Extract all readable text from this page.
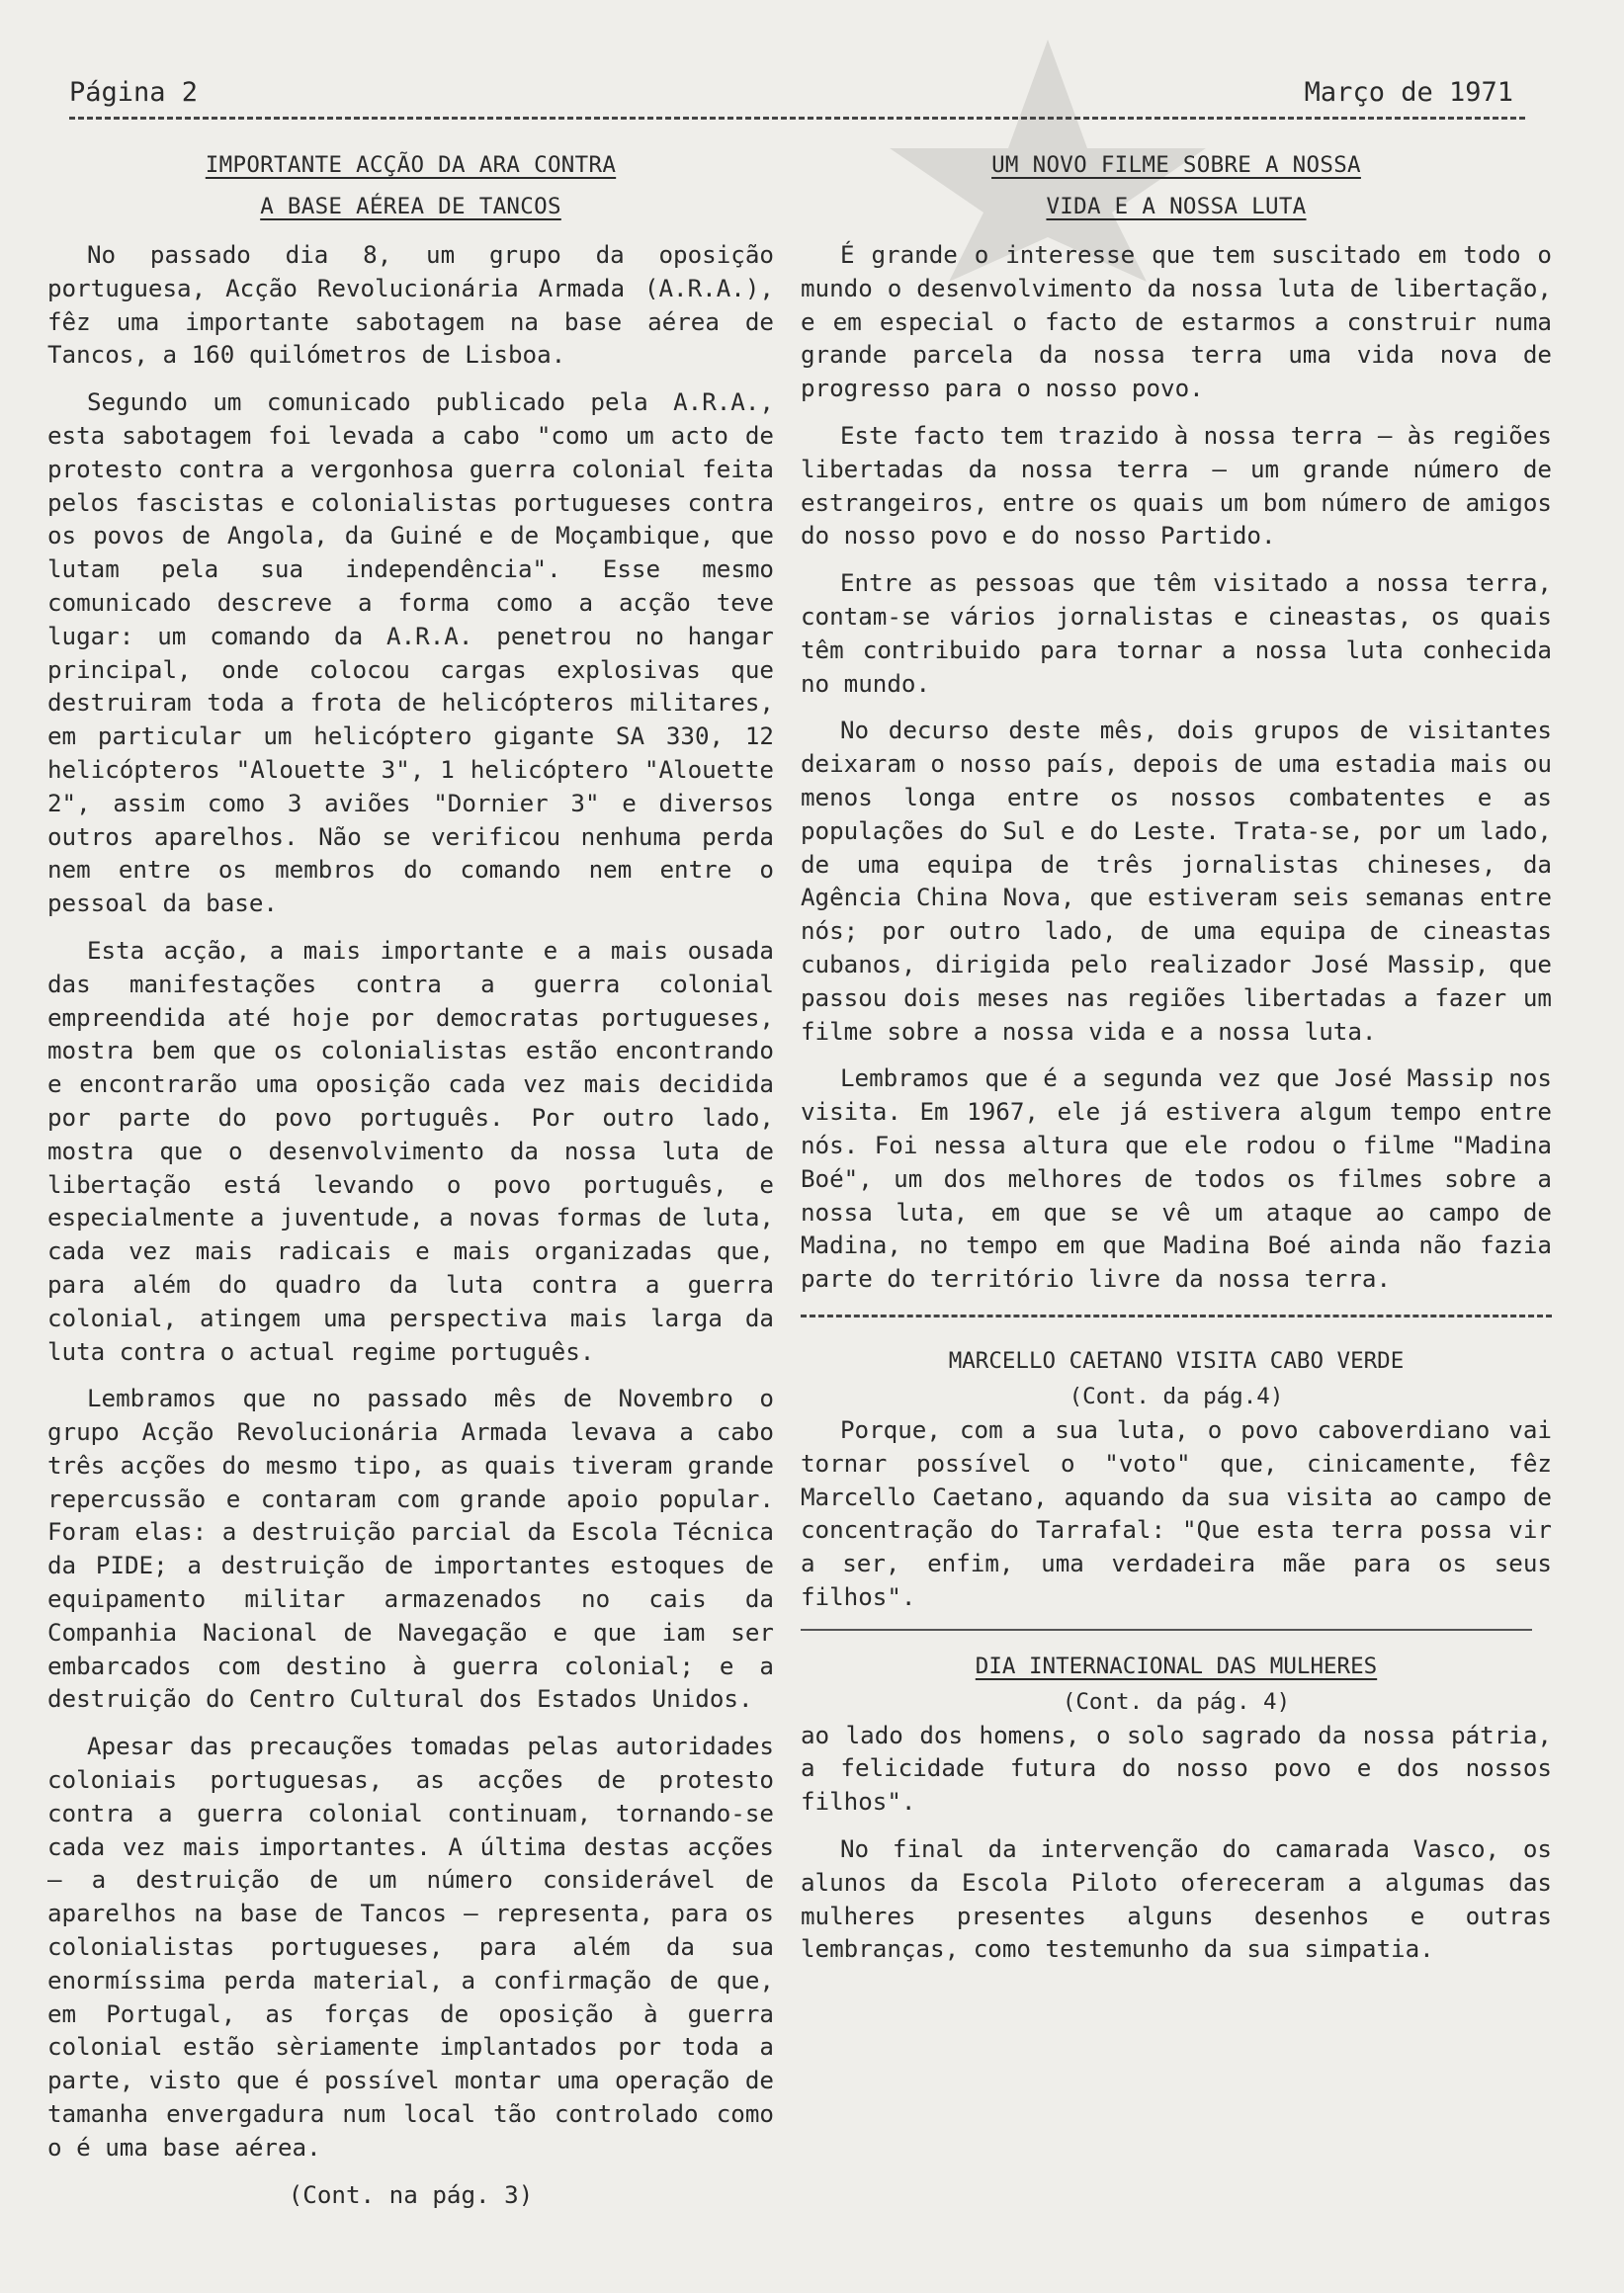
Página 2	Março de 1971
IMPORTANTE ACÇÃO DA ARA CONTRA
A BASE AÉREA DE TANCOS

No passado dia 8, um grupo da oposição portuguesa, Acção Revolucionária Armada (A.R.A.), fêz uma importante sabotagem na base aérea de Tancos, a 160 quilómetros de Lisboa.

Segundo um comunicado publicado pela A.R.A., esta sabotagem foi levada a cabo "como um acto de protesto contra a vergonhosa guerra colonial feita pelos fascistas e colonialistas portugueses contra os povos de Angola, da Guiné e de Moçambique, que lutam pela sua independência". Esse mesmo comunicado descreve a forma como a acção teve lugar: um comando da A.R.A. penetrou no hangar principal, onde colocou cargas explosivas que destruiram toda a frota de helicópteros militares, em particular um helicóptero gigante SA 330, 12 helicópteros "Alouette 3", 1 helicóptero "Alouette 2", assim como 3 aviões "Dornier 3" e diversos outros aparelhos. Não se verificou nenhuma perda nem entre os membros do comando nem entre o pessoal da base.

Esta acção, a mais importante e a mais ousada das manifestações contra a guerra colonial empreendida até hoje por democratas portugueses, mostra bem que os colonialistas estão encontrando e encontrarão uma oposição cada vez mais decidida por parte do povo português. Por outro lado, mostra que o desenvolvimento da nossa luta de libertação está levando o povo português, e especialmente a juventude, a novas formas de luta, cada vez mais radicais e mais organizadas que, para além do quadro da luta contra a guerra colonial, atingem uma perspectiva mais larga da luta contra o actual regime português.

Lembramos que no passado mês de Novembro o grupo Acção Revolucionária Armada levava a cabo três acções do mesmo tipo, as quais tiveram grande repercussão e contaram com grande apoio popular. Foram elas: a destruição parcial da Escola Técnica da PIDE; a destruição de importantes estoques de equipamento militar armazenados no cais da Companhia Nacional de Navegação e que iam ser embarcados com destino à guerra colonial; e a destruição do Centro Cultural dos Estados Unidos.

Apesar das precauções tomadas pelas autoridades coloniais portuguesas, as acções de protesto contra a guerra colonial continuam, tornando-se cada vez mais importantes. A última destas acções – a destruição de um número considerável de aparelhos na base de Tancos – representa, para os colonialistas portugueses, para além da sua enormíssima perda material, a confirmação de que, em Portugal, as forças de oposição à guerra colonial estão sèriamente implantados por toda a parte, visto que é possível montar uma operação de tamanha envergadura num local tão controlado como o é uma base aérea.

(Cont. na pág. 3)

UM NOVO FILME SOBRE A NOSSA
VIDA E A NOSSA LUTA

É grande o interesse que tem suscitado em todo o mundo o desenvolvimento da nossa luta de libertação, e em especial o facto de estarmos a construir numa grande parcela da nossa terra uma vida nova de progresso para o nosso povo.

Este facto tem trazido à nossa terra – às regiões libertadas da nossa terra – um grande número de estrangeiros, entre os quais um bom número de amigos do nosso povo e do nosso Partido.

Entre as pessoas que têm visitado a nossa terra, contam-se vários jornalistas e cineastas, os quais têm contribuido para tornar a nossa luta conhecida no mundo.

No decurso deste mês, dois grupos de visitantes deixaram o nosso país, depois de uma estadia mais ou menos longa entre os nossos combatentes e as populações do Sul e do Leste. Trata-se, por um lado, de uma equipa de três jornalistas chineses, da Agência China Nova, que estiveram seis semanas entre nós; por outro lado, de uma equipa de cineastas cubanos, dirigida pelo realizador José Massip, que passou dois meses nas regiões libertadas a fazer um filme sobre a nossa vida e a nossa luta.

Lembramos que é a segunda vez que José Massip nos visita. Em 1967, ele já estivera algum tempo entre nós. Foi nessa altura que ele rodou o filme "Madina Boé", um dos melhores de todos os filmes sobre a nossa luta, em que se vê um ataque ao campo de Madina, no tempo em que Madina Boé ainda não fazia parte do território livre da nossa terra.

MARCELLO CAETANO VISITA CABO VERDE

(Cont. da pág.4)

Porque, com a sua luta, o povo caboverdiano vai tornar possível o "voto" que, cinicamente, fêz Marcello Caetano, aquando da sua visita ao campo de concentração do Tarrafal: "Que esta terra possa vir a ser, enfim, uma verdadeira mãe para os seus filhos".

DIA INTERNACIONAL DAS MULHERES

(Cont. da pág. 4)

ao lado dos homens, o solo sagrado da nossa pátria, a felicidade futura do nosso povo e dos nossos filhos".

No final da intervenção do camarada Vasco, os alunos da Escola Piloto ofereceram a algumas das mulheres presentes alguns desenhos e outras lembranças, como testemunho da sua simpatia.
